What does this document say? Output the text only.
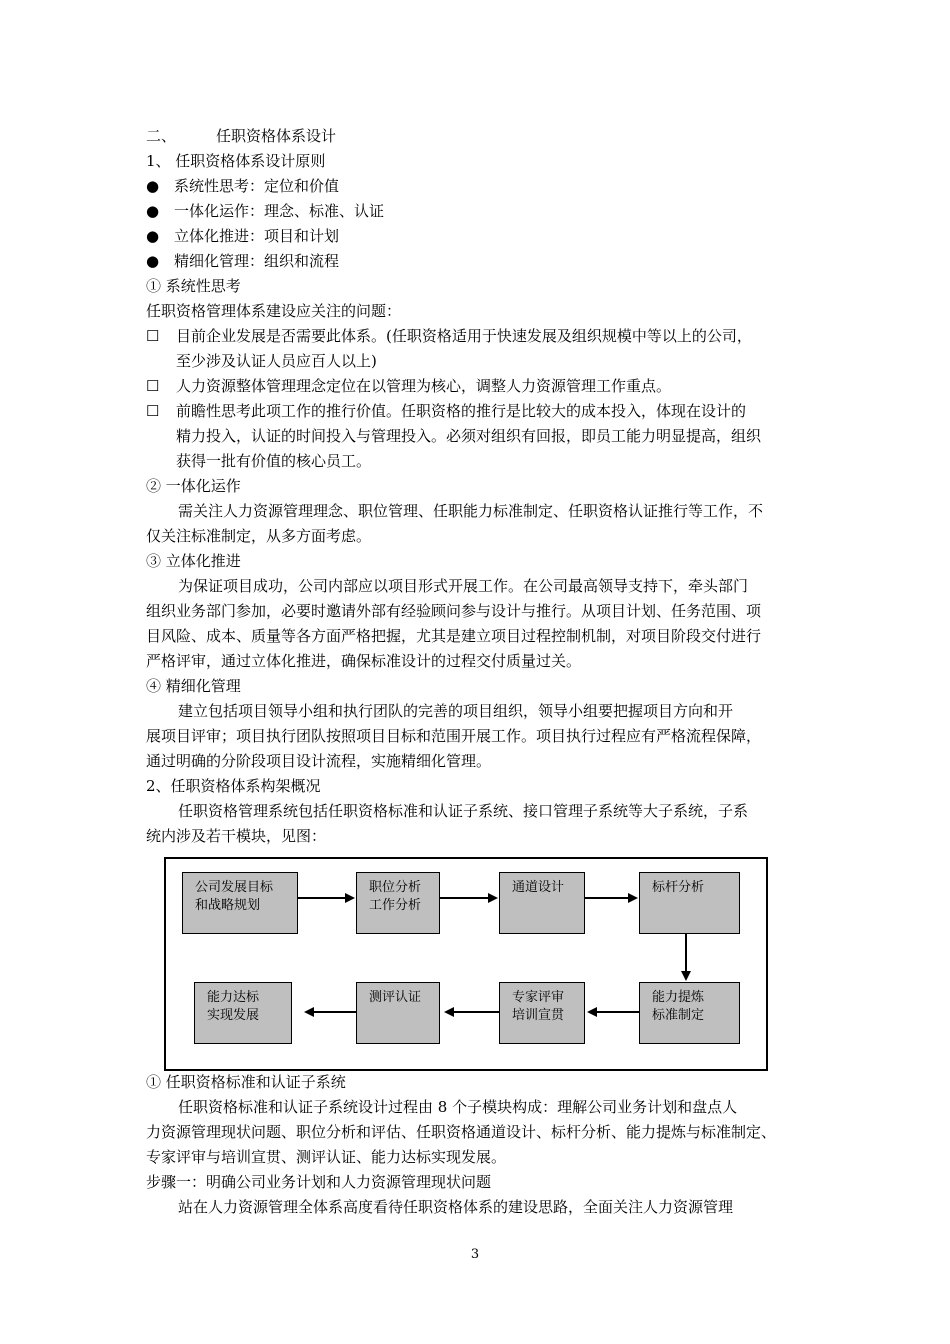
二、	任职资格体系设计
1、 任职资格体系设计原则
● 系统性思考：定位和价值
● 一体化运作：理念、标准、认证
● 立体化推进：项目和计划
● 精细化管理：组织和流程
① 系统性思考
任职资格管理体系建设应关注的问题：
☐ 目前企业发展是否需要此体系。(任职资格适用于快速发展及组织规模中等以上的公司，
至少涉及认证人员应百人以上)
☐ 人力资源整体管理理念定位在以管理为核心，调整人力资源管理工作重点。
☐ 前瞻性思考此项工作的推行价值。任职资格的推行是比较大的成本投入，体现在设计的
精力投入，认证的时间投入与管理投入。必须对组织有回报，即员工能力明显提高，组织
获得一批有价值的核心员工。
② 一体化运作
需关注人力资源管理理念、职位管理、任职能力标准制定、任职资格认证推行等工作，不
仅关注标准制定，从多方面考虑。
③ 立体化推进
为保证项目成功，公司内部应以项目形式开展工作。在公司最高领导支持下，牵头部门
组织业务部门参加，必要时邀请外部有经验顾问参与设计与推行。从项目计划、任务范围、项
目风险、成本、质量等各方面严格把握，尤其是建立项目过程控制机制，对项目阶段交付进行
严格评审，通过立体化推进，确保标准设计的过程交付质量过关。
④ 精细化管理
建立包括项目领导小组和执行团队的完善的项目组织，领导小组要把握项目方向和开
展项目评审；项目执行团队按照项目目标和范围开展工作。项目执行过程应有严格流程保障，
通过明确的分阶段项目设计流程，实施精细化管理。
2、任职资格体系构架概况
任职资格管理系统包括任职资格标准和认证子系统、接口管理子系统等大子系统，子系
统内涉及若干模块，见图：
公司发展目标
和战略规划
职位分析
工作分析
通道设计	标杆分析
能力提炼
标准制定
专家评审
培训宣贯
测评认证
能力达标
实现发展
① 任职资格标准和认证子系统
任职资格标准和认证子系统设计过程由 8 个子模块构成：理解公司业务计划和盘点人
力资源管理现状问题、职位分析和评估、任职资格通道设计、标杆分析、能力提炼与标准制定、
专家评审与培训宣贯、测评认证、能力达标实现发展。
步骤一：明确公司业务计划和人力资源管理现状问题
站在人力资源管理全体系高度看待任职资格体系的建设思路，全面关注人力资源管理
3
